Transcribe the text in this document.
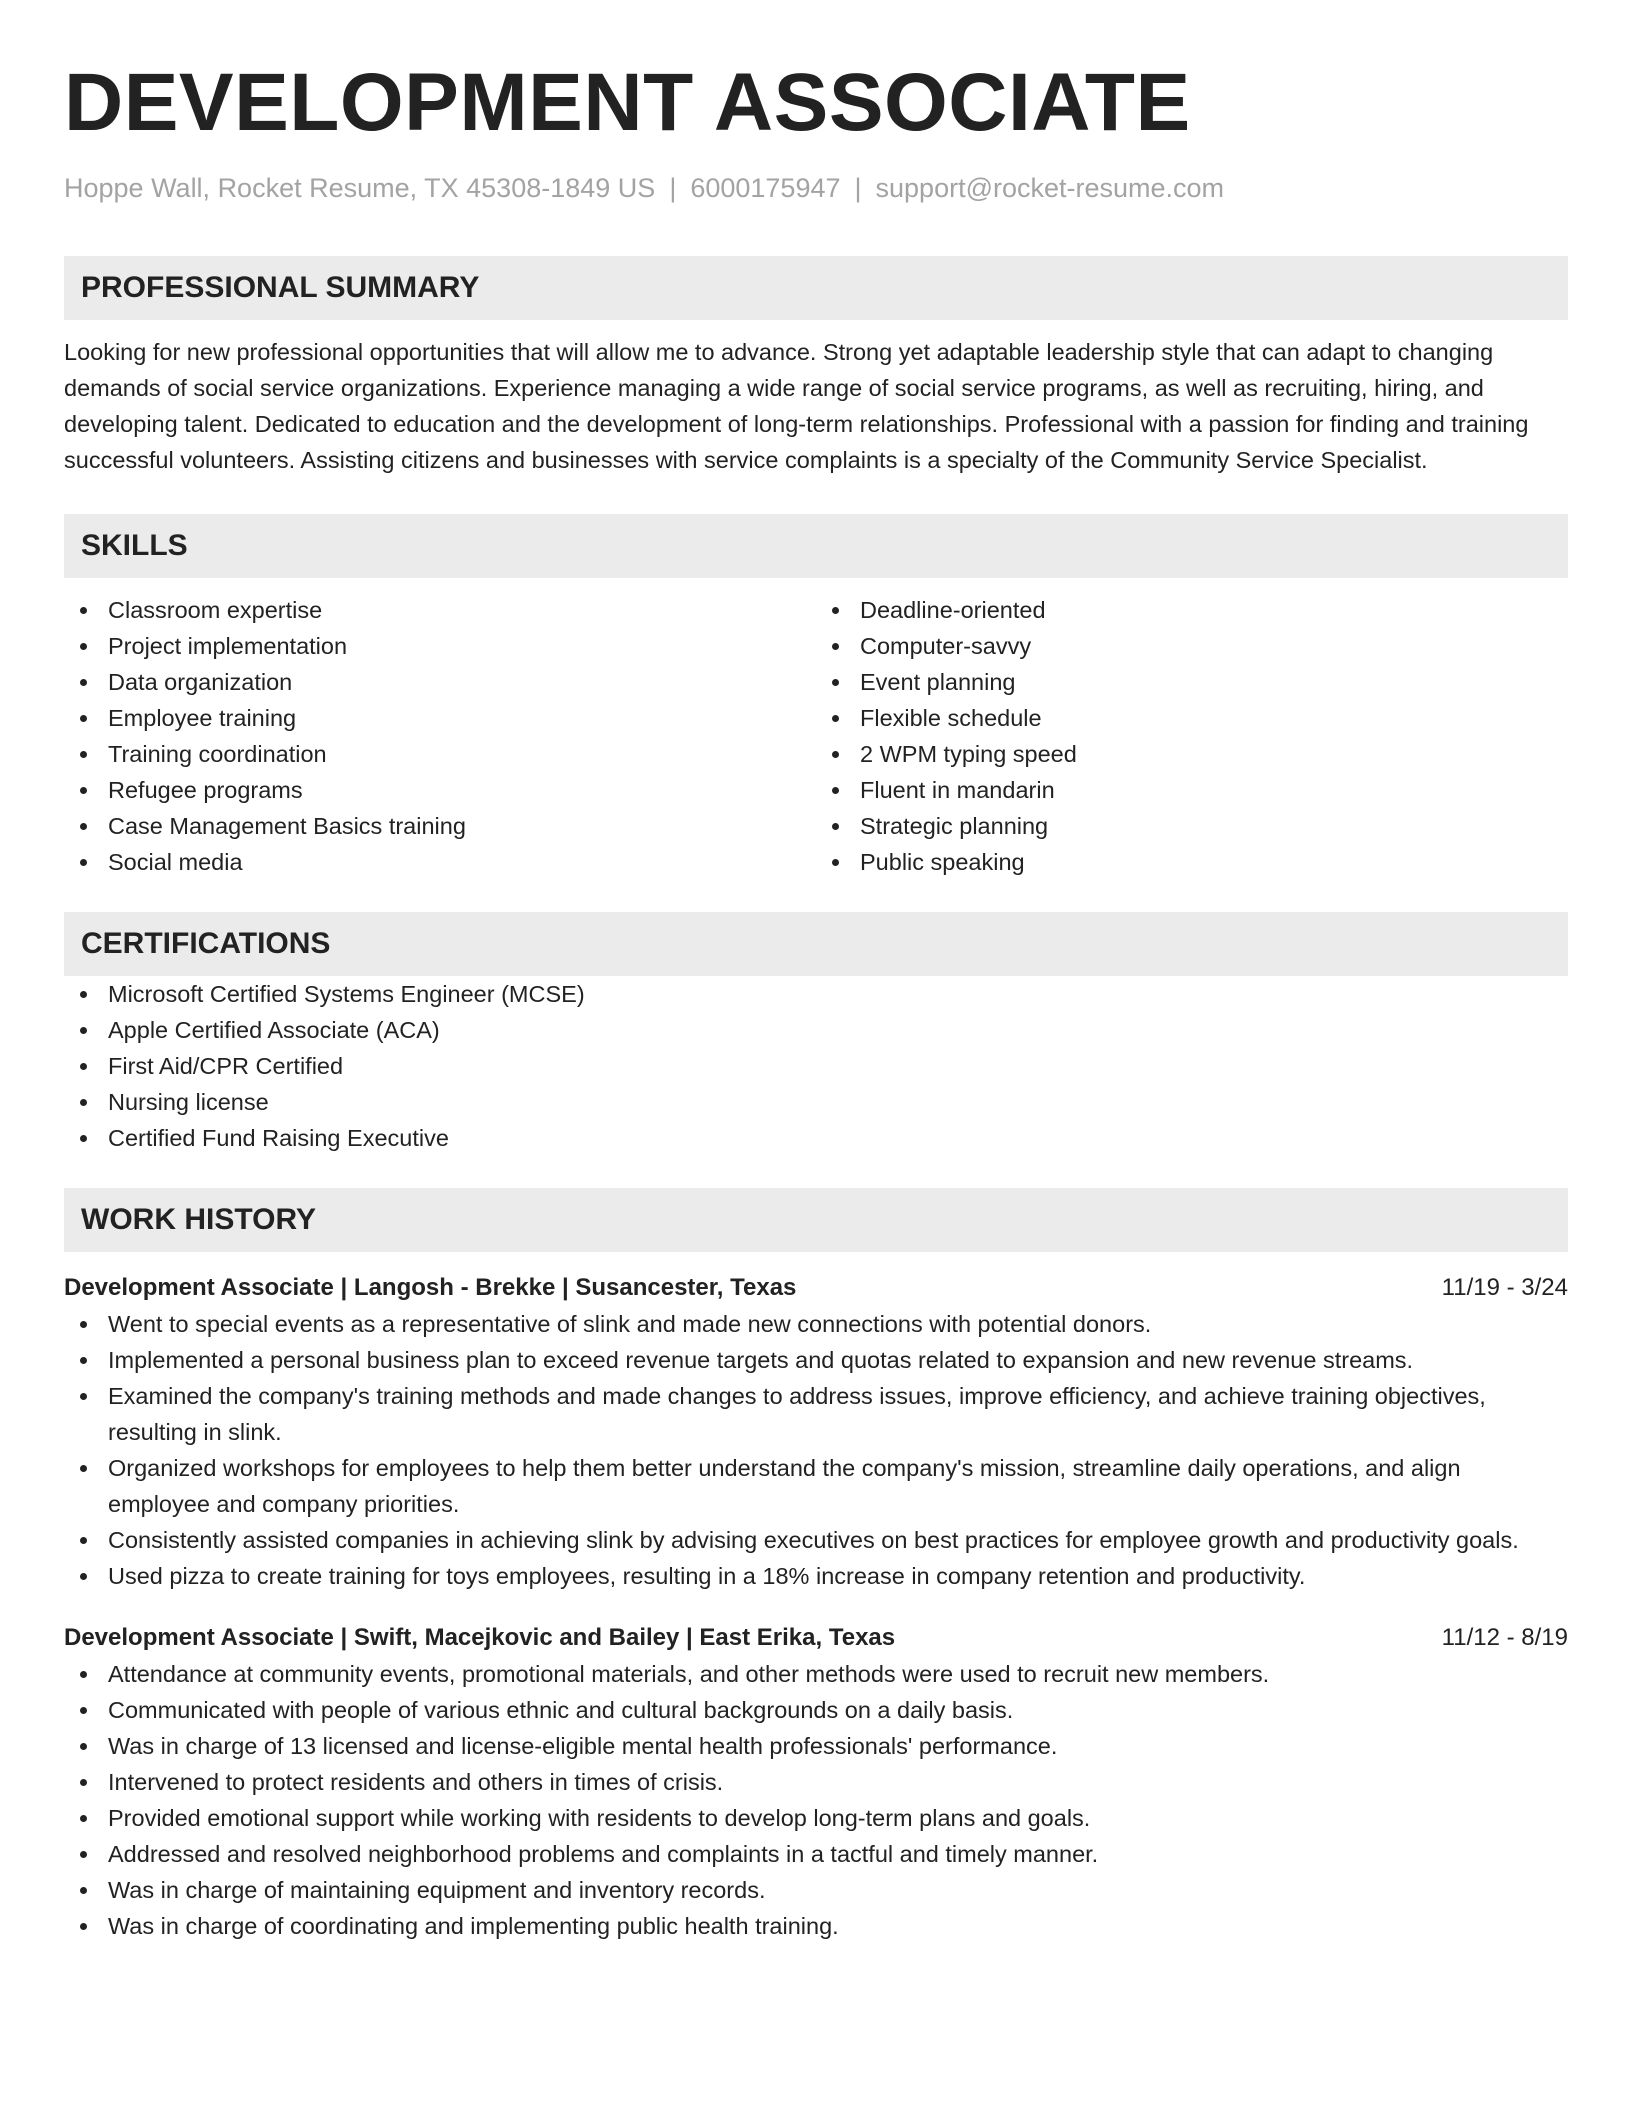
DEVELOPMENT ASSOCIATE
Hoppe Wall, Rocket Resume, TX 45308-1849 US | 6000175947 | support@rocket-resume.com
PROFESSIONAL SUMMARY
Looking for new professional opportunities that will allow me to advance. Strong yet adaptable leadership style that can adapt to changing demands of social service organizations. Experience managing a wide range of social service programs, as well as recruiting, hiring, and developing talent. Dedicated to education and the development of long-term relationships. Professional with a passion for finding and training successful volunteers. Assisting citizens and businesses with service complaints is a specialty of the Community Service Specialist.
SKILLS
Classroom expertise
Project implementation
Data organization
Employee training
Training coordination
Refugee programs
Case Management Basics training
Social media
Deadline-oriented
Computer-savvy
Event planning
Flexible schedule
2 WPM typing speed
Fluent in mandarin
Strategic planning
Public speaking
CERTIFICATIONS
Microsoft Certified Systems Engineer (MCSE)
Apple Certified Associate (ACA)
First Aid/CPR Certified
Nursing license
Certified Fund Raising Executive
WORK HISTORY
Development Associate | Langosh - Brekke | Susancester, Texas	11/19 - 3/24
Went to special events as a representative of slink and made new connections with potential donors.
Implemented a personal business plan to exceed revenue targets and quotas related to expansion and new revenue streams.
Examined the company's training methods and made changes to address issues, improve efficiency, and achieve training objectives, resulting in slink.
Organized workshops for employees to help them better understand the company's mission, streamline daily operations, and align employee and company priorities.
Consistently assisted companies in achieving slink by advising executives on best practices for employee growth and productivity goals.
Used pizza to create training for toys employees, resulting in a 18% increase in company retention and productivity.
Development Associate | Swift, Macejkovic and Bailey | East Erika, Texas	11/12 - 8/19
Attendance at community events, promotional materials, and other methods were used to recruit new members.
Communicated with people of various ethnic and cultural backgrounds on a daily basis.
Was in charge of 13 licensed and license-eligible mental health professionals' performance.
Intervened to protect residents and others in times of crisis.
Provided emotional support while working with residents to develop long-term plans and goals.
Addressed and resolved neighborhood problems and complaints in a tactful and timely manner.
Was in charge of maintaining equipment and inventory records.
Was in charge of coordinating and implementing public health training.
